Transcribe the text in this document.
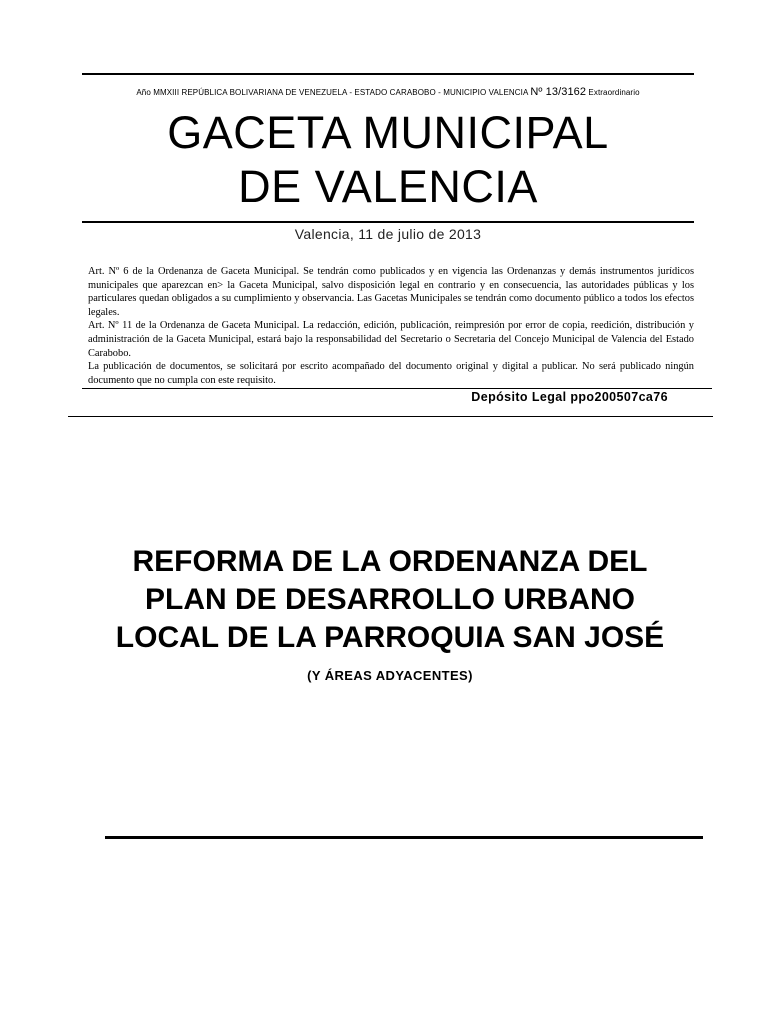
Año MMXIII REPÚBLICA BOLIVARIANA DE VENEZUELA - ESTADO CARABOBO - MUNICIPIO VALENCIA Nº 13/3162 Extraordinario
GACETA MUNICIPAL
DE VALENCIA
Valencia, 11 de julio de 2013

Art. Nº 6 de la Ordenanza de Gaceta Municipal. Se tendrán como publicados y en vigencia las Ordenanzas y demás instrumentos jurídicos municipales que aparezcan en> la Gaceta Municipal, salvo disposición legal en contrario y en consecuencia, las autoridades públicas y los particulares quedan obligados a su cumplimiento y observancia. Las Gacetas Municipales se tendrán como documento público a todos los efectos legales.

Art. Nº 11 de la Ordenanza de Gaceta Municipal. La redacción, edición, publicación, reimpresión por error de copia, reedición, distribución y administración de la Gaceta Municipal, estará bajo la responsabilidad del Secretario o Secretaria del Concejo Municipal de Valencia del Estado Carabobo.

La publicación de documentos, se solicitará por escrito acompañado del documento original y digital a publicar. No será publicado ningún documento que no cumpla con este requisito.

Depósito Legal ppo200507ca76
REFORMA DE LA ORDENANZA DEL
PLAN DE DESARROLLO URBANO
LOCAL DE LA PARROQUIA SAN JOSÉ
(Y ÁREAS ADYACENTES)
